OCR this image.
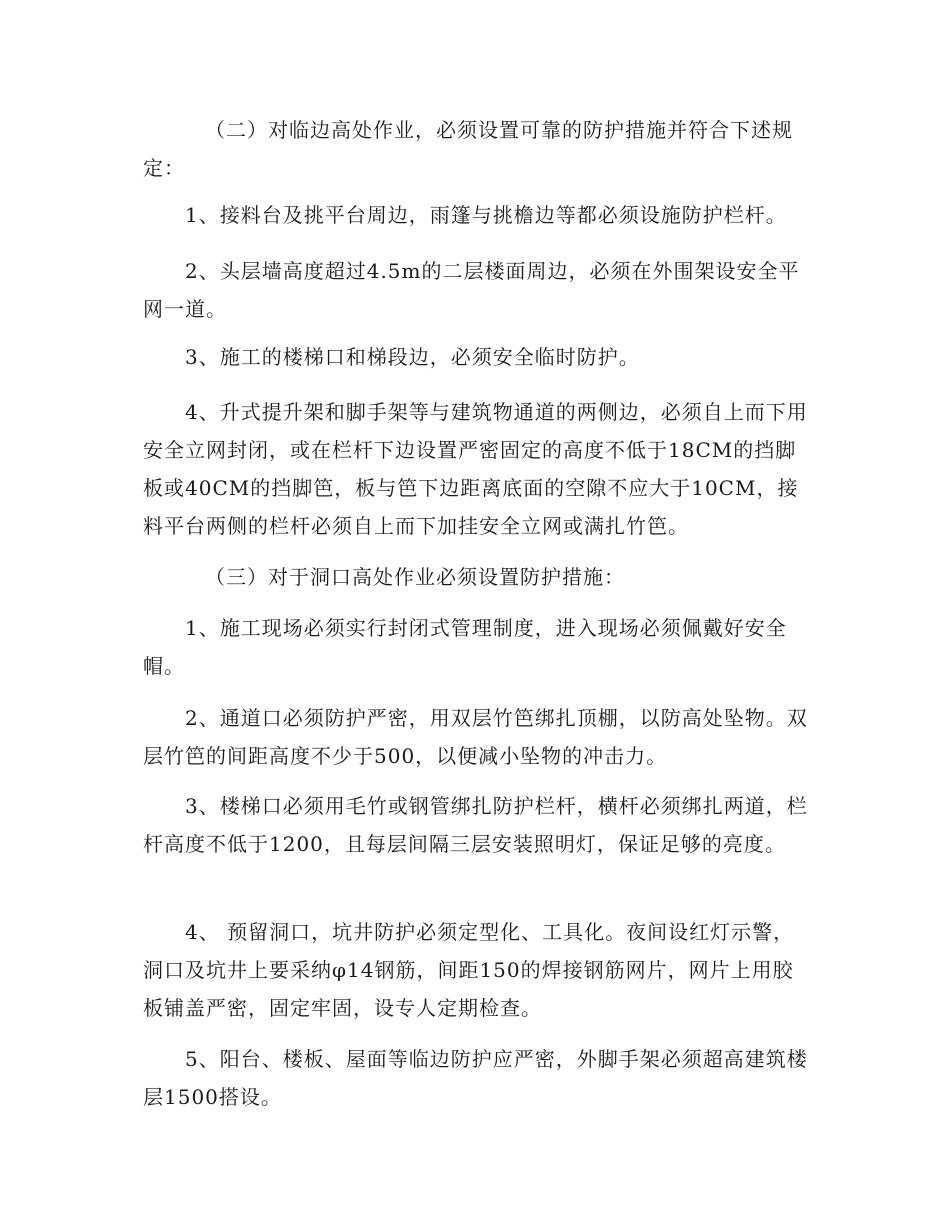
（二）对临边高处作业，必须设置可靠的防护措施并符合下述规定：

1、接料台及挑平台周边，雨篷与挑檐边等都必须设施防护栏杆。

2、头层墙高度超过4.5m的二层楼面周边，必须在外围架设安全平网一道。

3、施工的楼梯口和梯段边，必须安全临时防护。

4、升式提升架和脚手架等与建筑物通道的两侧边，必须自上而下用安全立网封闭，或在栏杆下边设置严密固定的高度不低于18CM的挡脚板或40CM的挡脚笆，板与笆下边距离底面的空隙不应大于10CM，接料平台两侧的栏杆必须自上而下加挂安全立网或满扎竹笆。

（三）对于洞口高处作业必须设置防护措施：

1、施工现场必须实行封闭式管理制度，进入现场必须佩戴好安全帽。

2、通道口必须防护严密，用双层竹笆绑扎顶棚，以防高处坠物。双层竹笆的间距高度不少于500，以便减小坠物的冲击力。

3、楼梯口必须用毛竹或钢管绑扎防护栏杆，横杆必须绑扎两道，栏杆高度不低于1200，且每层间隔三层安装照明灯，保证足够的亮度。

4、 预留洞口，坑井防护必须定型化、工具化。夜间设红灯示警，洞口及坑井上要采纳φ14钢筋，间距150的焊接钢筋网片，网片上用胶板铺盖严密，固定牢固，设专人定期检查。

5、阳台、楼板、屋面等临边防护应严密，外脚手架必须超高建筑楼层1500搭设。
